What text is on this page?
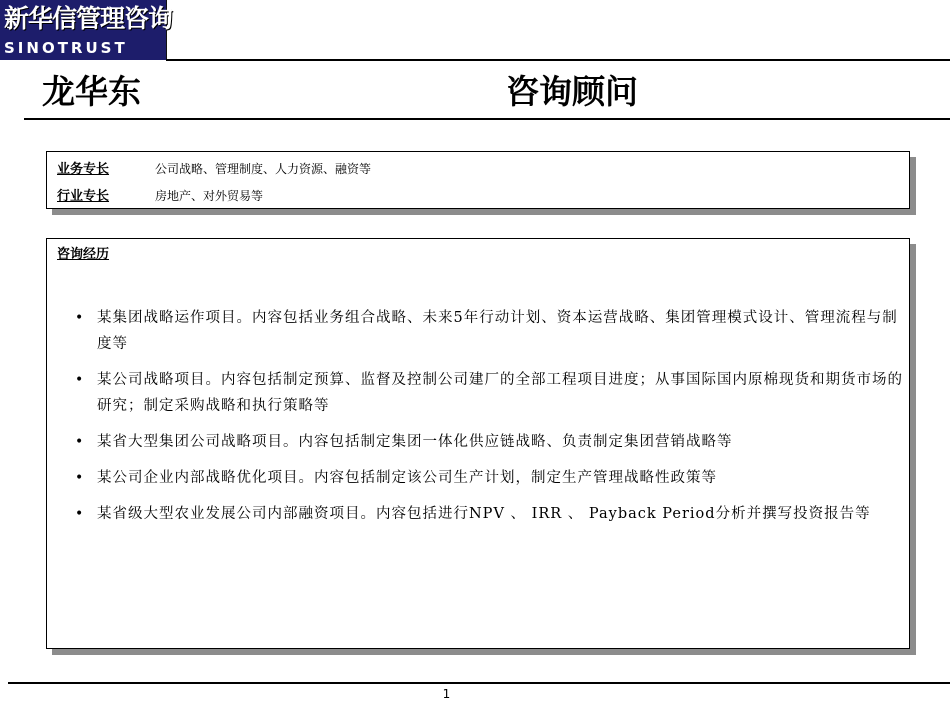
新华信管理咨询
SINOTRUST
龙华东	咨询顾问
业务专长	公司战略、管理制度、人力资源、融资等
行业专长	房地产、对外贸易等
咨询经历
• 某集团战略运作项目。内容包括业务组合战略、未来5年行动计划、资本运营战略、集团管理模式设计、管理流程与制度等
• 某公司战略项目。内容包括制定预算、监督及控制公司建厂的全部工程项目进度；从事国际国内原棉现货和期货市场的研究；制定采购战略和执行策略等
• 某省大型集团公司战略项目。内容包括制定集团一体化供应链战略、负责制定集团营销战略等
• 某公司企业内部战略优化项目。内容包括制定该公司生产计划，制定生产管理战略性政策等
• 某省级大型农业发展公司内部融资项目。内容包括进行NPV 、 IRR 、 Payback Period分析并撰写投资报告等
1
